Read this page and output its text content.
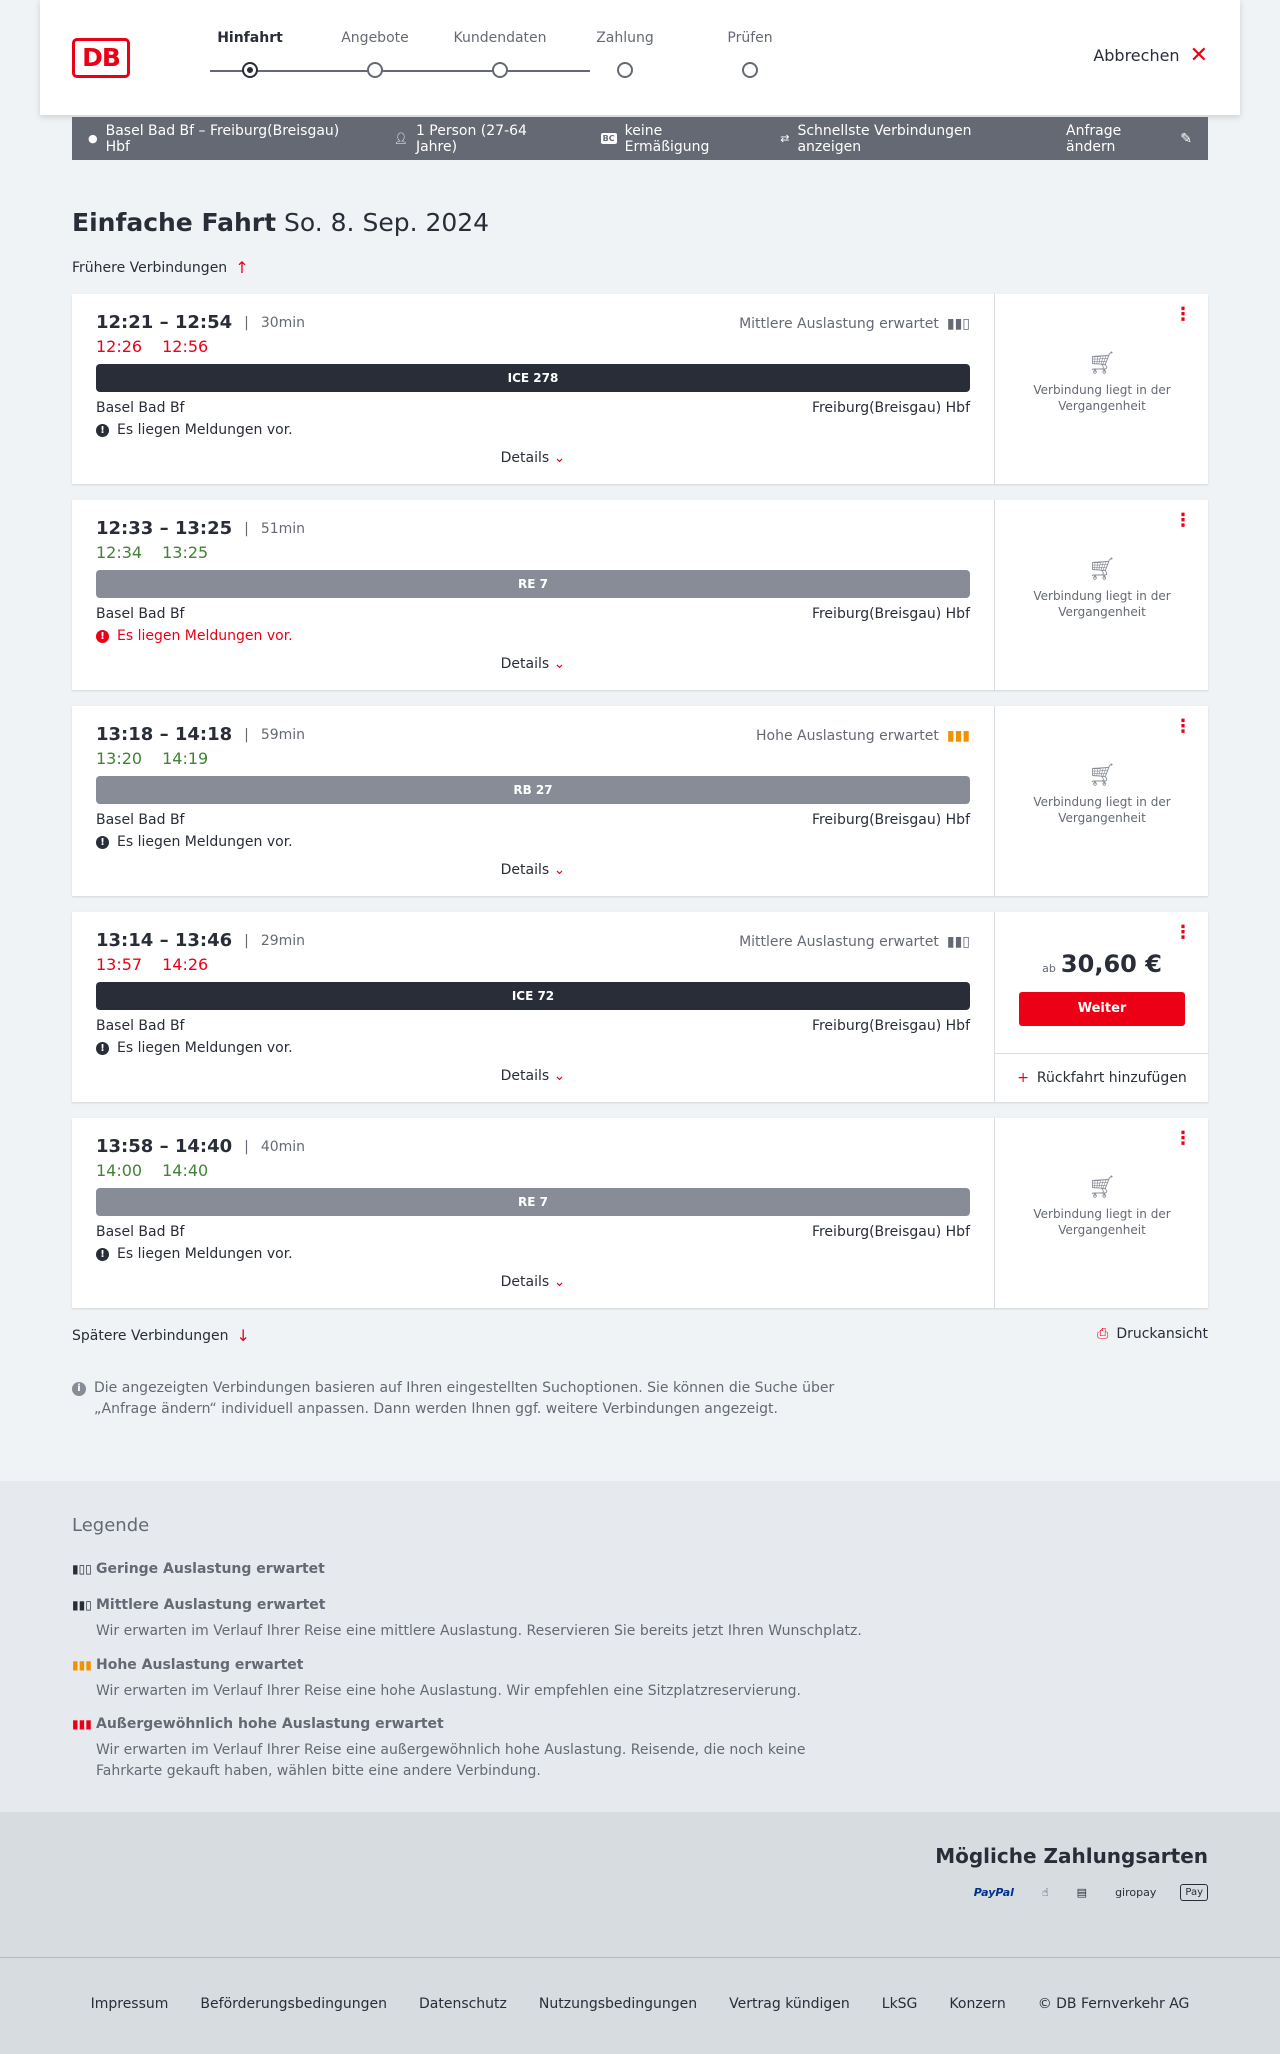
DB
Hinfahrt	Angebote	Kundendaten	Zahlung	Prüfen
Abbrechen ✕
● Basel Bad Bf – Freiburg(Breisgau) Hbf	👤︎ 1 Person (27-64 Jahre)	BC keine Ermäßigung	⇄ Schnellste Verbindungen anzeigen
Anfrage ändern	✎
Einfache Fahrt So. 8. Sep. 2024
Frühere Verbindungen ↑
12:21 – 12:54 | 30min	Mittlere Auslastung erwartet ▮▮▯
12:26 12:56
ICE 278
Basel Bad Bf	Freiburg(Breisgau) Hbf
! Es liegen Meldungen vor.
Details ⌄
⋮
🛒︎
Verbindung liegt in der Vergangenheit
12:33 – 13:25 | 51min
12:34 13:25
RE 7
Basel Bad Bf	Freiburg(Breisgau) Hbf
! Es liegen Meldungen vor.
Details ⌄
⋮
🛒︎
Verbindung liegt in der Vergangenheit
13:18 – 14:18 | 59min	Hohe Auslastung erwartet ▮▮▮
13:20 14:19
RB 27
Basel Bad Bf	Freiburg(Breisgau) Hbf
! Es liegen Meldungen vor.
Details ⌄
⋮
🛒︎
Verbindung liegt in der Vergangenheit
13:14 – 13:46 | 29min	Mittlere Auslastung erwartet ▮▮▯
13:57 14:26
ICE 72
Basel Bad Bf	Freiburg(Breisgau) Hbf
! Es liegen Meldungen vor.
Details ⌄
⋮
ab 30,60 €
Weiter
+ Rückfahrt hinzufügen
13:58 – 14:40 | 40min
14:00 14:40
RE 7
Basel Bad Bf	Freiburg(Breisgau) Hbf
! Es liegen Meldungen vor.
Details ⌄
⋮
🛒︎
Verbindung liegt in der Vergangenheit
Spätere Verbindungen ↓	⎙ Druckansicht
i Die angezeigten Verbindungen basieren auf Ihren eingestellten Suchoptionen. Sie können die Suche über „Anfrage ändern“ individuell anpassen. Dann werden Ihnen ggf. weitere Verbindungen angezeigt.
Legende
▮▯▯ Geringe Auslastung erwartet
▮▮▯ Mittlere Auslastung erwartet
Wir erwarten im Verlauf Ihrer Reise eine mittlere Auslastung. Reservieren Sie bereits jetzt Ihren Wunschplatz.
▮▮▮ Hohe Auslastung erwartet
Wir erwarten im Verlauf Ihrer Reise eine hohe Auslastung. Wir empfehlen eine Sitzplatzreservierung.
▮▮▮ Außergewöhnlich hohe Auslastung erwartet
Wir erwarten im Verlauf Ihrer Reise eine außergewöhnlich hohe Auslastung. Reisende, die noch keine Fahrkarte gekauft haben, wählen bitte eine andere Verbindung.
Mögliche Zahlungsarten
PayPal	☝	▤	giropay	Pay
Impressum Beförderungsbedingungen Datenschutz Nutzungsbedingungen Vertrag kündigen LkSG Konzern © DB Fernverkehr AG
